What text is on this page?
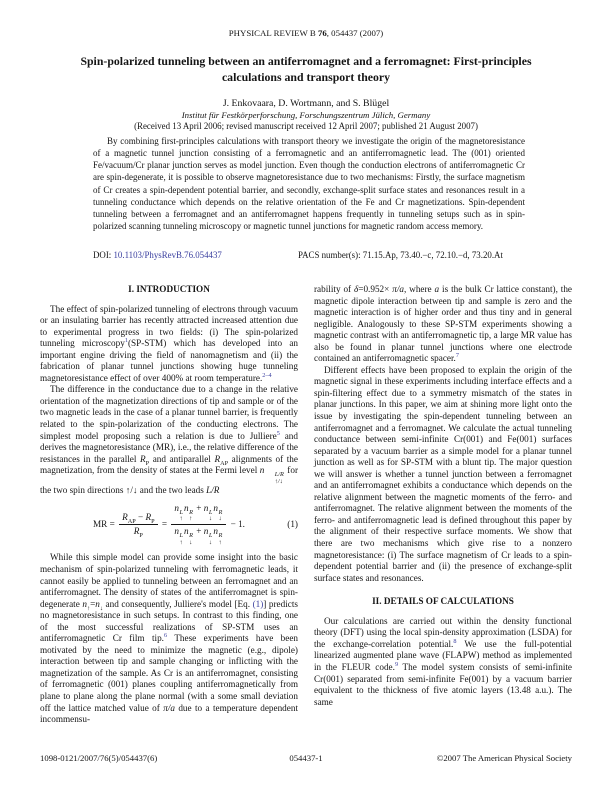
PHYSICAL REVIEW B 76, 054437 (2007)
Spin-polarized tunneling between an antiferromagnet and a ferromagnet: First-principles
calculations and transport theory
J. Enkovaara, D. Wortmann, and S. Blügel
Institut für Festkörperforschung, Forschungszentrum Jülich, Germany
(Received 13 April 2006; revised manuscript received 12 April 2007; published 21 August 2007)
By combining first-principles calculations with transport theory we investigate the origin of the magnetoresistance of a magnetic tunnel junction consisting of a ferromagnetic and an antiferromagnetic lead. The (001) oriented Fe/vacuum/Cr planar junction serves as model junction. Even though the conduction electrons of antiferromagnetic Cr are spin-degenerate, it is possible to observe magnetoresistance due to two mechanisms: Firstly, the surface magnetism of Cr creates a spin-dependent potential barrier, and secondly, exchange-split surface states and resonances result in a tunneling conductance which depends on the relative orientation of the Fe and Cr magnetizations. Spin-dependent tunneling between a ferromagnet and an antiferromagnet happens frequently in tunneling setups such as in spin-polarized scanning tunneling microscopy or magnetic tunnel junctions for magnetic random access memory.
DOI: 10.1103/PhysRevB.76.054437	PACS number(s): 71.15.Ap, 73.40.−c, 72.10.−d, 73.20.At
I. INTRODUCTION

The effect of spin-polarized tunneling of electrons through vacuum or an insulating barrier has recently attracted increased attention due to experimental progress in two fields: (i) The spin-polarized tunneling microscopy$^1$(SP-STM) which has developed into an important engine driving the field of nanomagnetism and (ii) the fabrication of planar tunnel junctions showing huge tunneling magnetoresistance effect of over 400% at room temperature.$^{2-4}$

The difference in the conductance due to a change in the relative orientation of the magnetization directions of tip and sample or of the two magnetic leads in the case of a planar tunnel barrier, is frequently related to the spin-polarization of the conducting electrons. The simplest model proposing such a relation is due to Julliere$^5$ and derives the magnetoresistance (MR), i.e., the relative difference of the resistances in the parallel $R_P$ and antiparallel $R_{AP}$ alignments of the magnetization, from the density of states at the Fermi level n	L/R
↑/↓
for the two spin directions ↑/↓ and the two leads L/R

MR = $\frac{R_{AP} - R_P}{R_P} = n$ L
↑
n R
↑
+ n L
↓
n R
↓
n L
↑
n R
↓
+ n L
↓
n R
↑ − 1.	(1)

While this simple model can provide some insight into the basic mechanism of spin-polarized tunneling with ferromagnetic leads, it cannot easily be applied to tunneling between an ferromagnet and an antiferromagnet. The density of states of the antiferromagnet is spin-degenerate $n_↑=n_↓$ and consequently, Julliere's model [Eq. (1)] predicts no magnetoresistance in such setups. In contrast to this finding, one of the most successful realizations of SP-STM uses an antiferromagnetic Cr film tip.$^6$ These experiments have been motivated by the need to minimize the magnetic (e.g., dipole) interaction between tip and sample changing or inflicting with the magnetization of the sample. As Cr is an antiferromagnet, consisting of ferromagnetic (001) planes coupling antiferromagnetically from plane to plane along the plane normal (with a some small deviation off the lattice matched value of π/a due to a temperature dependent incommensu-

rability of δ=0.952× π/a, where a is the bulk Cr lattice constant), the magnetic dipole interaction between tip and sample is zero and the magnetic interaction is of higher order and thus tiny and in general negligible. Analogously to these SP-STM experiments showing a magnetic contrast with an antiferromagnetic tip, a large MR value has also be found in planar tunnel junctions where one electrode contained an antiferromagnetic spacer.$^7$

Different effects have been proposed to explain the origin of the magnetic signal in these experiments including interface effects and a spin-filtering effect due to a symmetry mismatch of the states in planar junctions. In this paper, we aim at shining more light onto the issue by investigating the spin-dependent tunneling between an antiferromagnet and a ferromagnet. We calculate the actual tunneling conductance between semi-infinite Cr(001) and Fe(001) surfaces separated by a vacuum barrier as a simple model for a planar tunnel junction as well as for SP-STM with a blunt tip. The major question we will answer is whether a tunnel junction between a ferromagnet and an antiferromagnet exhibits a conductance which depends on the relative alignment between the magnetic moments of the ferro- and antiferromagnet. The relative alignment between the moments of the ferro- and antiferromagnetic lead is defined throughout this paper by the alignment of their respective surface moments. We show that there are two mechanisms which give rise to a nonzero magnetoresistance: (i) The surface magnetism of Cr leads to a spin-dependent potential barrier and (ii) the presence of exchange-split surface states and resonances.

II. DETAILS OF CALCULATIONS

Our calculations are carried out within the density functional theory (DFT) using the local spin-density approximation (LSDA) for the exchange-correlation potential.$^8$ We use the full-potential linearized augmented plane wave (FLAPW) method as implemented in the FLEUR code.$^9$ The model system consists of semi-infinite Cr(001) separated from semi-infinite Fe(001) by a vacuum barrier equivalent to the thickness of five atomic layers (13.48 a.u.). The same

1098-0121/2007/76(5)/054437(6)	054437-1	©2007 The American Physical Society
